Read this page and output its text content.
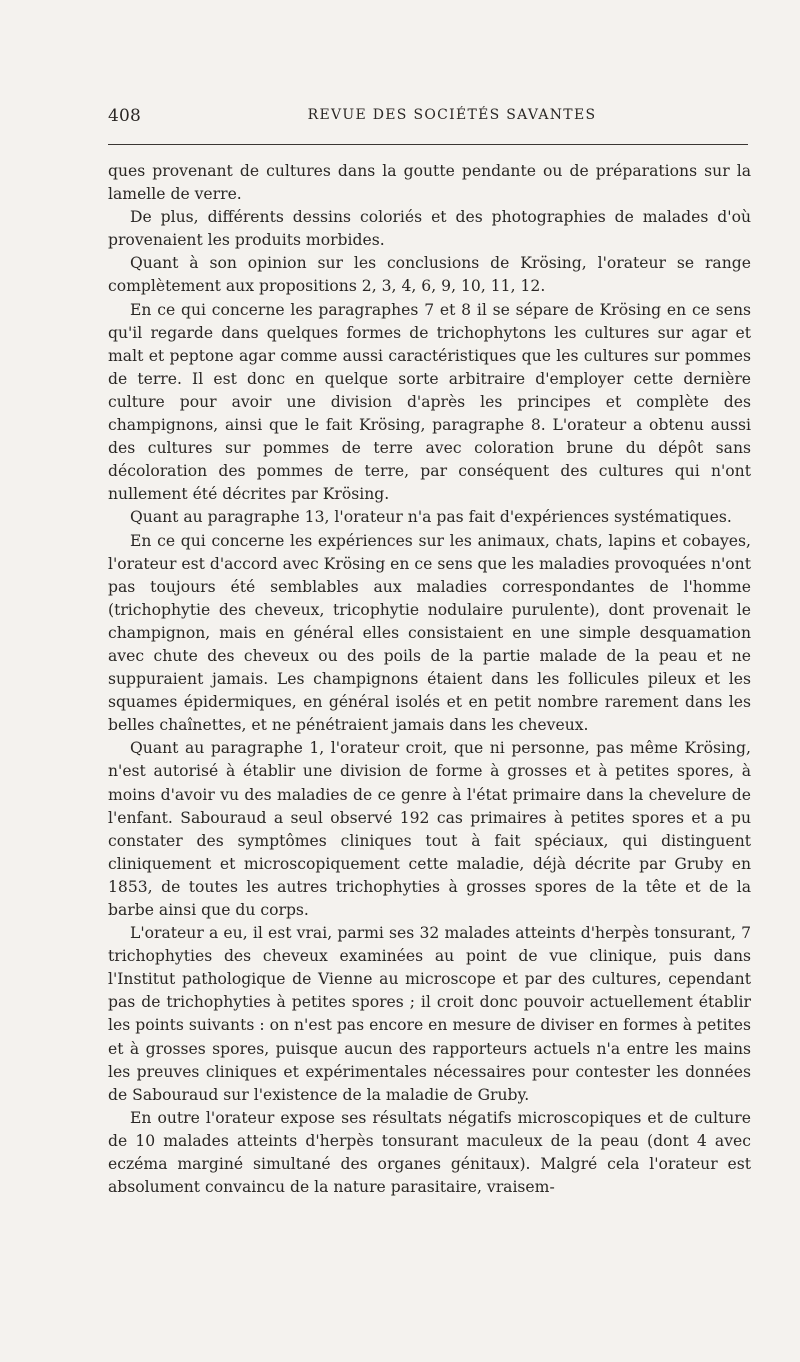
408	REVUE DES SOCIÉTÉS SAVANTES

ques provenant de cultures dans la goutte pendante ou de préparations sur la lamelle de verre.

De plus, différents dessins coloriés et des photographies de malades d'où provenaient les produits morbides.

Quant à son opinion sur les conclusions de Krösing, l'orateur se range complètement aux propositions 2, 3, 4, 6, 9, 10, 11, 12.

En ce qui concerne les paragraphes 7 et 8 il se sépare de Krösing en ce sens qu'il regarde dans quelques formes de trichophytons les cultures sur agar et malt et peptone agar comme aussi caractéristiques que les cultures sur pommes de terre. Il est donc en quelque sorte arbitraire d'employer cette dernière culture pour avoir une division d'après les principes et complète des champignons, ainsi que le fait Krösing, paragraphe 8. L'orateur a obtenu aussi des cultures sur pommes de terre avec coloration brune du dépôt sans décoloration des pommes de terre, par conséquent des cultures qui n'ont nullement été décrites par Krösing.

Quant au paragraphe 13, l'orateur n'a pas fait d'expériences systématiques.

En ce qui concerne les expériences sur les animaux, chats, lapins et cobayes, l'orateur est d'accord avec Krösing en ce sens que les maladies provoquées n'ont pas toujours été semblables aux maladies correspondantes de l'homme (trichophytie des cheveux, tricophytie nodulaire purulente), dont provenait le champignon, mais en général elles consistaient en une simple desquamation avec chute des cheveux ou des poils de la partie malade de la peau et ne suppuraient jamais. Les champignons étaient dans les follicules pileux et les squames épidermiques, en général isolés et en petit nombre rarement dans les belles chaînettes, et ne pénétraient jamais dans les cheveux.

Quant au paragraphe 1, l'orateur croit, que ni personne, pas même Krösing, n'est autorisé à établir une division de forme à grosses et à petites spores, à moins d'avoir vu des maladies de ce genre à l'état primaire dans la chevelure de l'enfant. Sabouraud a seul observé 192 cas primaires à petites spores et a pu constater des symptômes cliniques tout à fait spéciaux, qui distinguent cliniquement et microscopiquement cette maladie, déjà décrite par Gruby en 1853, de toutes les autres trichophyties à grosses spores de la tête et de la barbe ainsi que du corps.

L'orateur a eu, il est vrai, parmi ses 32 malades atteints d'herpès tonsurant, 7 trichophyties des cheveux examinées au point de vue clinique, puis dans l'Institut pathologique de Vienne au microscope et par des cultures, cependant pas de trichophyties à petites spores ; il croit donc pouvoir actuellement établir les points suivants : on n'est pas encore en mesure de diviser en formes à petites et à grosses spores, puisque aucun des rapporteurs actuels n'a entre les mains les preuves cliniques et expérimentales nécessaires pour contester les données de Sabouraud sur l'existence de la maladie de Gruby.

En outre l'orateur expose ses résultats négatifs microscopiques et de culture de 10 malades atteints d'herpès tonsurant maculeux de la peau (dont 4 avec eczéma marginé simultané des organes génitaux). Malgré cela l'orateur est absolument convaincu de la nature parasitaire, vraisem-
